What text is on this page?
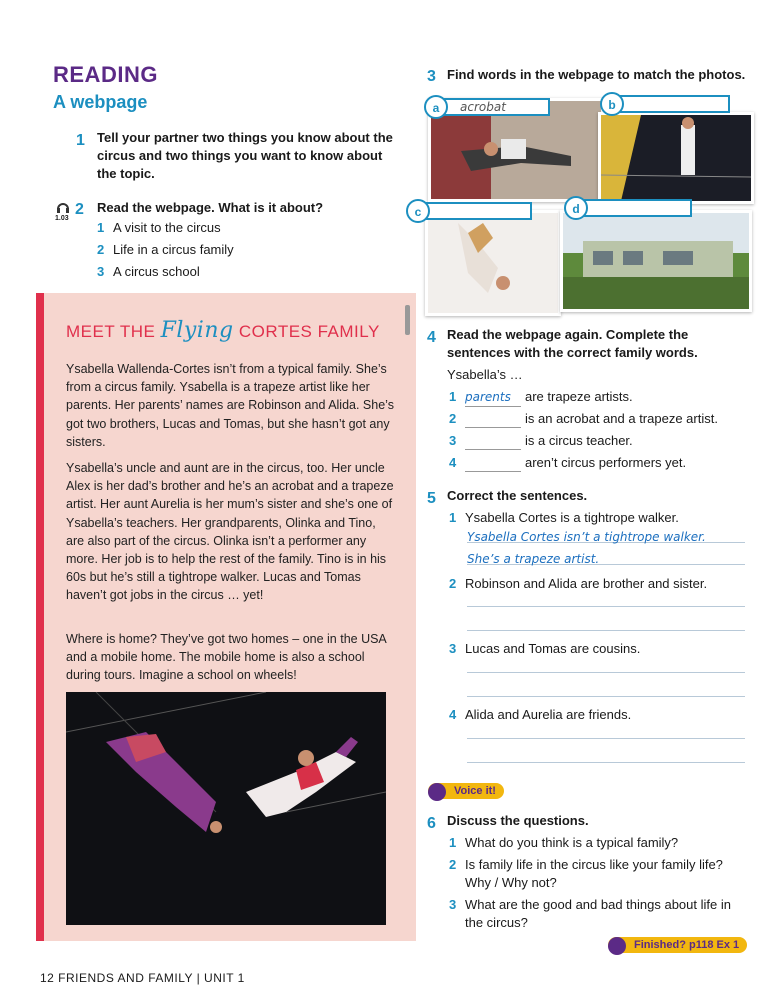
READING
A webpage
1 Tell your partner two things you know about the circus and two things you want to know about the topic.
1.03
2 Read the webpage. What is it about?
1 A visit to the circus
2 Life in a circus family
3 A circus school
MEET THE Flying CORTES FAMILY
Ysabella Wallenda-Cortes isn’t from a typical family. She’s from a circus family. Ysabella is a trapeze artist like her parents. Her parents’ names are Robinson and Alida. She’s got two brothers, Lucas and Tomas, but she hasn’t got any sisters.
Ysabella’s uncle and aunt are in the circus, too. Her uncle Alex is her dad’s brother and he’s an acrobat and a trapeze artist. Her aunt Aurelia is her mum’s sister and she’s one of Ysabella’s teachers. Her grandparents, Olinka and Tino, are also part of the circus. Olinka isn’t a performer any more. Her job is to help the rest of the family. Tino is in his 60s but he’s still a tightrope walker. Lucas and Tomas haven’t got jobs in the circus … yet!
Where is home? They’ve got two homes – one in the USA and a mobile home. The mobile home is also a school during tours. Imagine a school on wheels!
3 Find words in the webpage to match the photos.
acrobat
a	b
c	d
4 Read the webpage again. Complete the sentences with the correct family words.
Ysabella’s …
1 parents are trapeze artists.
2	is an acrobat and a trapeze artist.
3	is a circus teacher.
4	aren’t circus performers yet.
5 Correct the sentences.
1 Ysabella Cortes is a tightrope walker.
Ysabella Cortes isn’t a tightrope walker.
She’s a trapeze artist.
2 Robinson and Alida are brother and sister.
3 Lucas and Tomas are cousins.
4 Alida and Aurelia are friends.
Voice it!
6 Discuss the questions.
1 What do you think is a typical family?
2 Is family life in the circus like your family life? Why / Why not?
3 What are the good and bad things about life in the circus?
Finished? p118 Ex 1
12 FRIENDS AND FAMILY | UNIT 1
